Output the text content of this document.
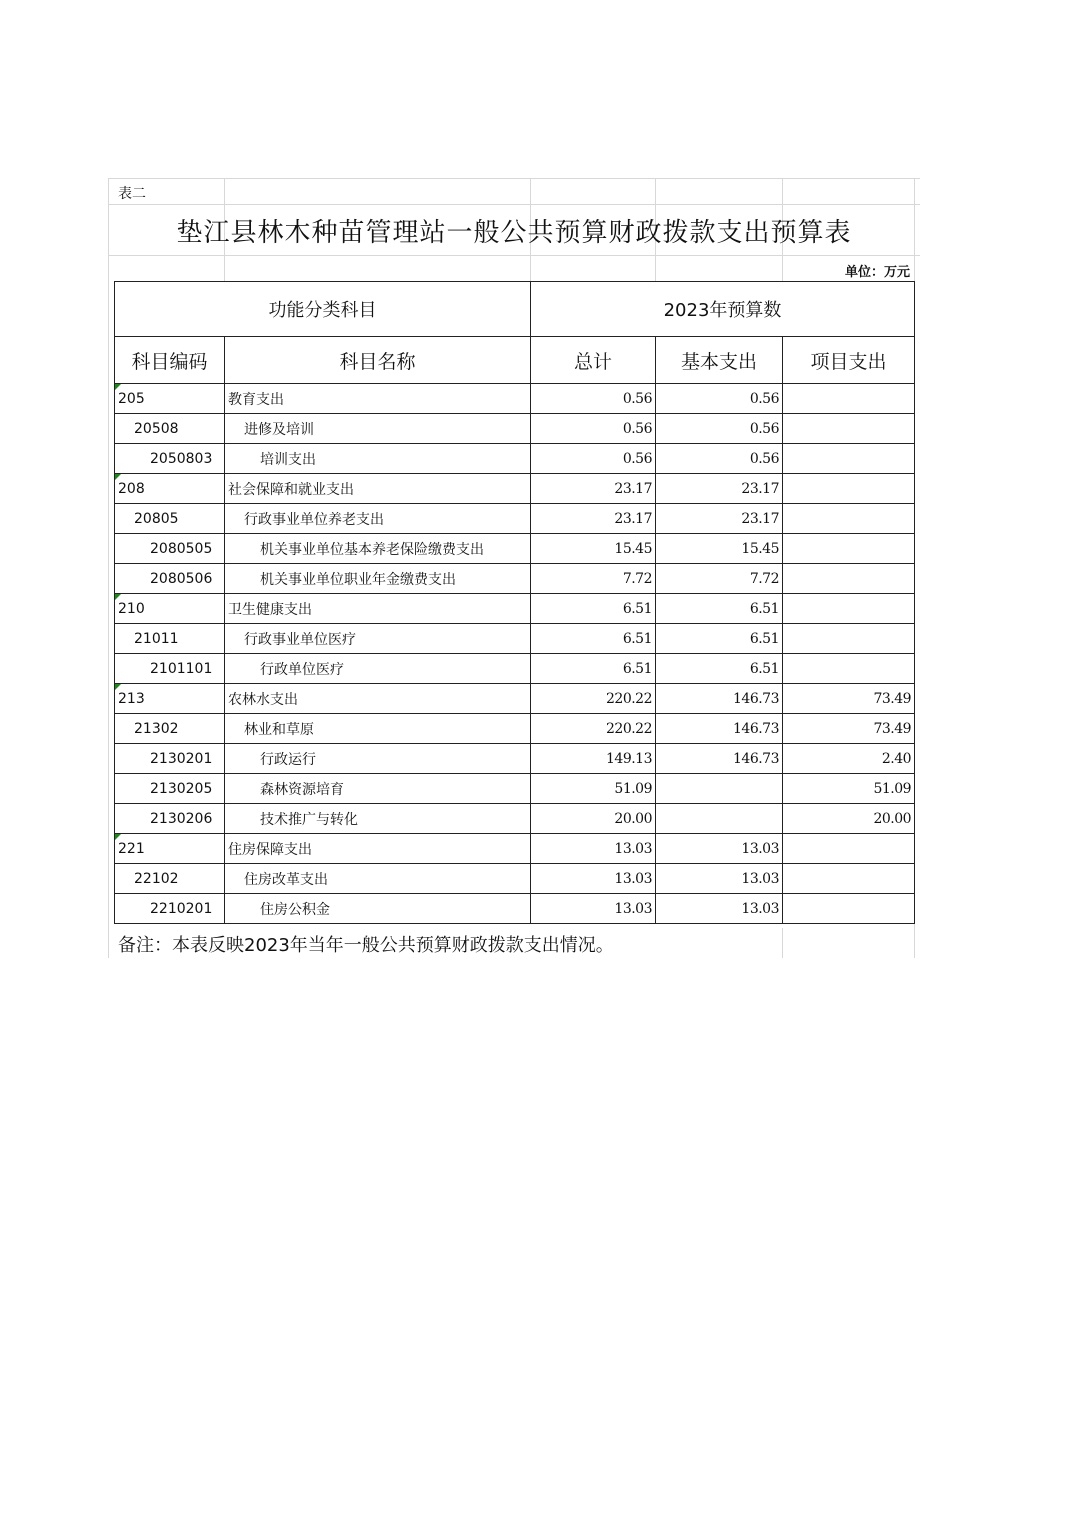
表二
垫江县林木种苗管理站一般公共预算财政拨款支出预算表
单位：万元
功能分类科目		2023年预算数		
科目编码	科目名称	总计	基本支出	项目支出

205	教育支出	0.56	0.56	
20508	进修及培训	0.56	0.56	
2050803	培训支出	0.56	0.56	

208	社会保障和就业支出	23.17	23.17	
20805	行政事业单位养老支出	23.17	23.17	
2080505	机关事业单位基本养老保险缴费支出	15.45	15.45	
2080506	机关事业单位职业年金缴费支出	7.72	7.72	

210	卫生健康支出	6.51	6.51	
21011	行政事业单位医疗	6.51	6.51	
2101101	行政单位医疗	6.51	6.51	

213	农林水支出	220.22	146.73	73.49
21302	林业和草原	220.22	146.73	73.49
2130201	行政运行	149.13	146.73	2.40
2130205	森林资源培育	51.09		51.09
2130206	技术推广与转化	20.00		20.00

221	住房保障支出	13.03	13.03	
22102	住房改革支出	13.03	13.03	
2210201	住房公积金	13.03	13.03	
备注：本表反映2023年当年一般公共预算财政拨款支出情况。
